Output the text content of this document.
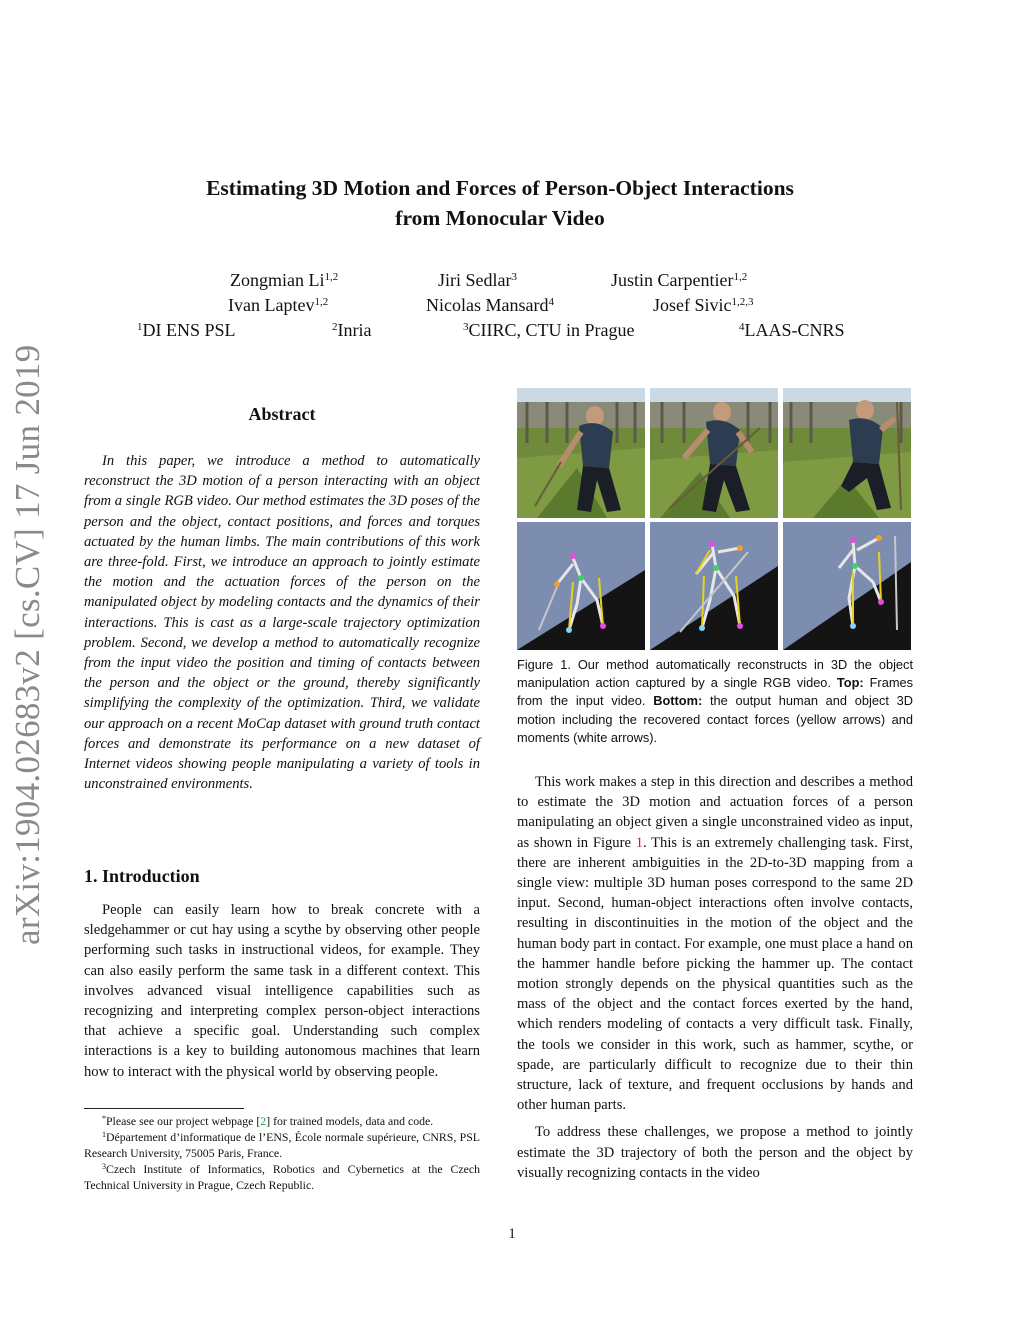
arXiv:1904.02683v2 [cs.CV] 17 Jun 2019
Estimating 3D Motion and Forces of Person-Object Interactions
from Monocular Video
Zongmian Li$^{1,2}$	Jiri Sedlar$^3$	Justin Carpentier$^{1,2}$
Ivan Laptev$^{1,2}$	Nicolas Mansard$^4$	Josef Sivic$^{1,2,3}$
$^1$DI ENS PSL	$^2$Inria	$^3$CIIRC, CTU in Prague	$^4$LAAS-CNRS
Abstract

In this paper, we introduce a method to automatically reconstruct the 3D motion of a person interacting with an object from a single RGB video. Our method estimates the 3D poses of the person and the object, contact positions, and forces and torques actuated by the human limbs. The main contributions of this work are three-fold. First, we introduce an approach to jointly estimate the motion and the actuation forces of the person on the manipulated object by modeling contacts and the dynamics of their interactions. This is cast as a large-scale trajectory optimization problem. Second, we develop a method to automatically recognize from the input video the position and timing of contacts between the person and the object or the ground, thereby significantly simplifying the complexity of the optimization. Third, we validate our approach on a recent MoCap dataset with ground truth contact forces and demonstrate its performance on a new dataset of Internet videos showing people manipulating a variety of tools in unconstrained environments.

1. Introduction

People can easily learn how to break concrete with a sledgehammer or cut hay using a scythe by observing other people performing such tasks in instructional videos, for example. They can also easily perform the same task in a different context. This involves advanced visual intelligence capabilities such as recognizing and interpreting complex person-object interactions that achieve a specific goal. Understanding such complex interactions is a key to building autonomous machines that learn how to interact with the physical world by observing people.

*Please see our project webpage [2] for trained models, data and code.
$^1$Département d’informatique de l’ENS, École normale supérieure, CNRS, PSL Research University, 75005 Paris, France.
$^3$Czech Institute of Informatics, Robotics and Cybernetics at the Czech Technical University in Prague, Czech Republic.
Figure 1. Our method automatically reconstructs in 3D the object manipulation action captured by a single RGB video. Top: Frames from the input video. Bottom: the output human and object 3D motion including the recovered contact forces (yellow arrows) and moments (white arrows).

This work makes a step in this direction and describes a method to estimate the 3D motion and actuation forces of a person manipulating an object given a single unconstrained video as input, as shown in Figure 1. This is an extremely challenging task. First, there are inherent ambiguities in the 2D-to-3D mapping from a single view: multiple 3D human poses correspond to the same 2D input. Second, human-object interactions often involve contacts, resulting in discontinuities in the motion of the object and the human body part in contact. For example, one must place a hand on the hammer handle before picking the hammer up. The contact motion strongly depends on the physical quantities such as the mass of the object and the contact forces exerted by the hand, which renders modeling of contacts a very difficult task. Finally, the tools we consider in this work, such as hammer, scythe, or spade, are particularly difficult to recognize due to their thin structure, lack of texture, and frequent occlusions by hands and other human parts.

To address these challenges, we propose a method to jointly estimate the 3D trajectory of both the person and the object by visually recognizing contacts in the video

1
